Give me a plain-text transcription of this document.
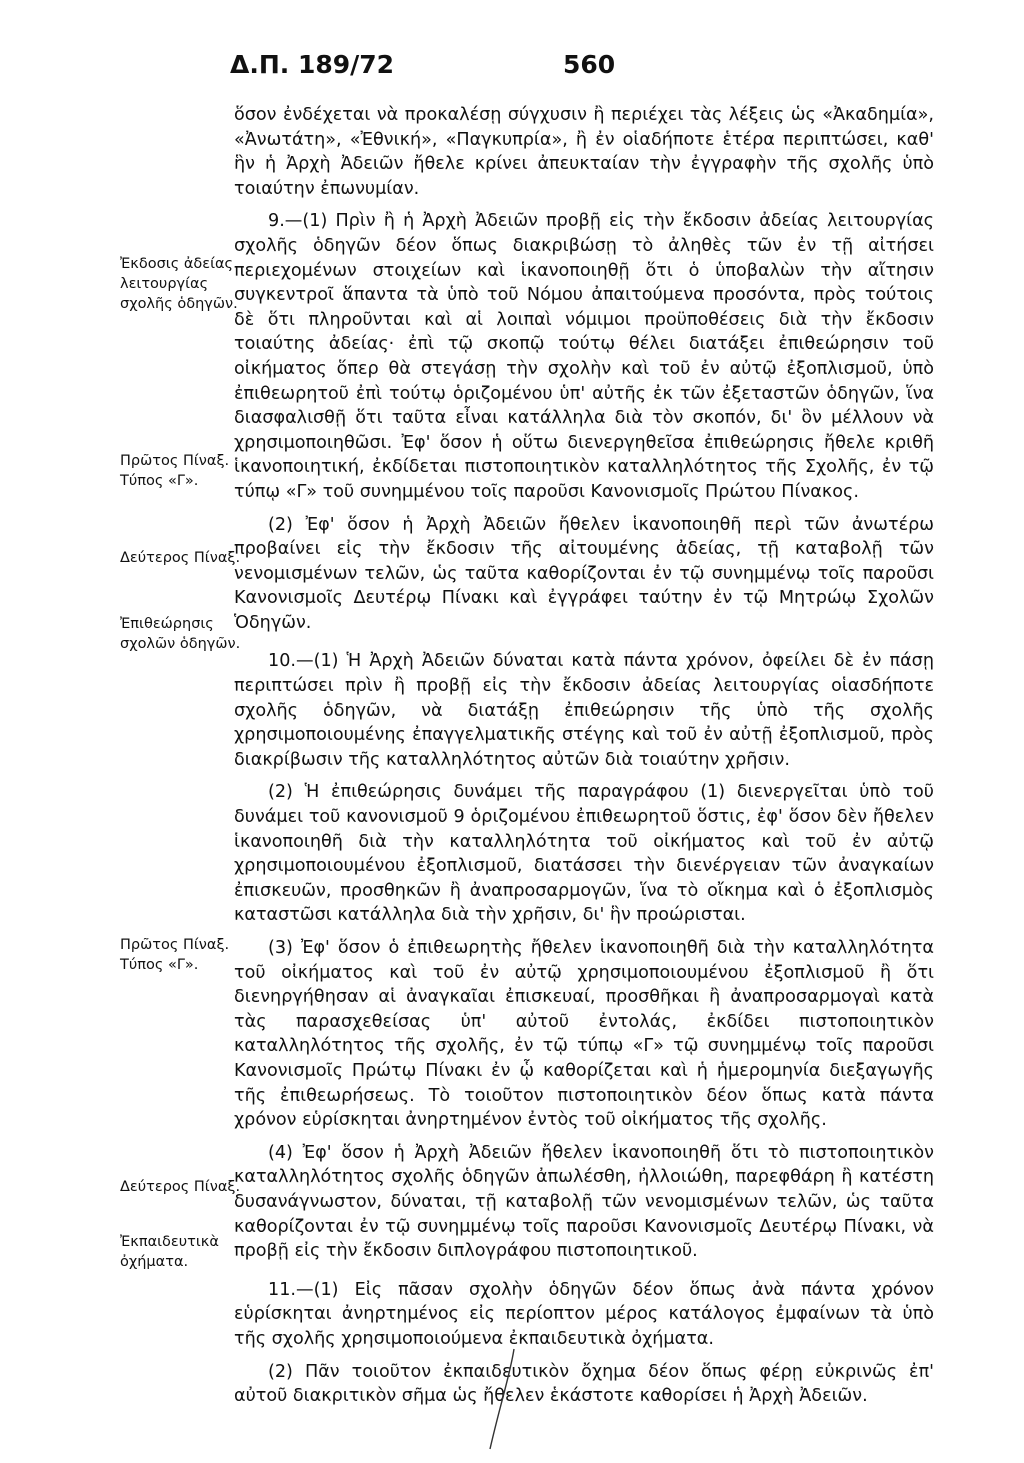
Δ.Π. 189/72	560
Ἐκδοσις ἀδείας λειτουργίας σχολῆς ὁδηγῶν.
Πρῶτος Πίναξ. Τύπος «Γ».
Δεύτερος Πίναξ.
Ἐπιθεώρησις σχολῶν ὁδηγῶν.
Πρῶτος Πίναξ. Τύπος «Γ».
Δεύτερος Πίναξ.
Ἐκπαιδευτικὰ ὀχήματα.

ὅσον ἐνδέχεται νὰ προκαλέσῃ σύγχυσιν ἢ περιέχει τὰς λέξεις ὡς «Ἀκαδημία», «Ἀνωτάτη», «Ἐθνική», «Παγκυπρία», ἢ ἐν οἱαδήποτε ἑτέρα περιπτώσει, καθ' ἣν ἡ Ἀρχὴ Ἀδειῶν ἤθελε κρίνει ἀπευκταίαν τὴν ἐγγραφὴν τῆς σχολῆς ὑπὸ τοιαύτην ἐπωνυμίαν.

9.—(1) Πρὶν ἢ ἡ Ἀρχὴ Ἀδειῶν προβῇ εἰς τὴν ἔκδοσιν ἀδείας λειτουργίας σχολῆς ὁδηγῶν δέον ὅπως διακριβώσῃ τὸ ἀληθὲς τῶν ἐν τῇ αἰτήσει περιεχομένων στοιχείων καὶ ἱκανοποιηθῇ ὅτι ὁ ὑποβαλὼν τὴν αἴτησιν συγκεντροῖ ἅπαντα τὰ ὑπὸ τοῦ Νόμου ἀπαιτούμενα προσόντα, πρὸς τούτοις δὲ ὅτι πληροῦνται καὶ αἱ λοιπαὶ νόμιμοι προϋποθέσεις διὰ τὴν ἔκδοσιν τοιαύτης ἀδείας· ἐπὶ τῷ σκοπῷ τούτῳ θέλει διατάξει ἐπιθεώρησιν τοῦ οἰκήματος ὅπερ θὰ στεγάσῃ τὴν σχολὴν καὶ τοῦ ἐν αὐτῷ ἐξοπλισμοῦ, ὑπὸ ἐπιθεωρητοῦ ἐπὶ τούτῳ ὁριζομένου ὑπ' αὐτῆς ἐκ τῶν ἐξεταστῶν ὁδηγῶν, ἵνα διασφαλισθῇ ὅτι ταῦτα εἶναι κατάλληλα διὰ τὸν σκοπόν, δι' ὃν μέλλουν νὰ χρησιμοποιηθῶσι. Ἐφ' ὅσον ἡ οὕτω διενεργηθεῖσα ἐπιθεώρησις ἤθελε κριθῆ ἱκανοποιητική, ἐκδίδεται πιστοποιητικὸν καταλληλότητος τῆς Σχολῆς, ἐν τῷ τύπῳ «Γ» τοῦ συνημμένου τοῖς παροῦσι Κανονισμοῖς Πρώτου Πίνακος.

(2) Ἐφ' ὅσον ἡ Ἀρχὴ Ἀδειῶν ἤθελεν ἱκανοποιηθῆ περὶ τῶν ἀνωτέρω προβαίνει εἰς τὴν ἔκδοσιν τῆς αἰτουμένης ἀδείας, τῇ καταβολῇ τῶν νενομισμένων τελῶν, ὡς ταῦτα καθορίζονται ἐν τῷ συνημμένῳ τοῖς παροῦσι Κανονισμοῖς Δευτέρῳ Πίνακι καὶ ἐγγράφει ταύτην ἐν τῷ Μητρώῳ Σχολῶν Ὁδηγῶν.

10.—(1) Ἡ Ἀρχὴ Ἀδειῶν δύναται κατὰ πάντα χρόνον, ὀφείλει δὲ ἐν πάσῃ περιπτώσει πρὶν ἢ προβῇ εἰς τὴν ἔκδοσιν ἀδείας λειτουργίας οἱασδήποτε σχολῆς ὁδηγῶν, νὰ διατάξῃ ἐπιθεώρησιν τῆς ὑπὸ τῆς σχολῆς χρησιμοποιουμένης ἐπαγγελματικῆς στέγης καὶ τοῦ ἐν αὐτῇ ἐξοπλισμοῦ, πρὸς διακρίβωσιν τῆς καταλληλότητος αὐτῶν διὰ τοιαύτην χρῆσιν.

(2) Ἡ ἐπιθεώρησις δυνάμει τῆς παραγράφου (1) διενεργεῖται ὑπὸ τοῦ δυνάμει τοῦ κανονισμοῦ 9 ὁριζομένου ἐπιθεωρητοῦ ὅστις, ἐφ' ὅσον δὲν ἤθελεν ἱκανοποιηθῆ διὰ τὴν καταλληλότητα τοῦ οἰκήματος καὶ τοῦ ἐν αὐτῷ χρησιμοποιουμένου ἐξοπλισμοῦ, διατάσσει τὴν διενέργειαν τῶν ἀναγκαίων ἐπισκευῶν, προσθηκῶν ἢ ἀναπροσαρμογῶν, ἵνα τὸ οἴκημα καὶ ὁ ἐξοπλισμὸς καταστῶσι κατάλληλα διὰ τὴν χρῆσιν, δι' ἣν προώρισται.

(3) Ἐφ' ὅσον ὁ ἐπιθεωρητὴς ἤθελεν ἱκανοποιηθῆ διὰ τὴν καταλληλότητα τοῦ οἰκήματος καὶ τοῦ ἐν αὐτῷ χρησιμοποιουμένου ἐξοπλισμοῦ ἢ ὅτι διενηργήθησαν αἱ ἀναγκαῖαι ἐπισκευαί, προσθῆκαι ἢ ἀναπροσαρμογαὶ κατὰ τὰς παρασχεθείσας ὑπ' αὐτοῦ ἐντολάς, ἐκδίδει πιστοποιητικὸν καταλληλότητος τῆς σχολῆς, ἐν τῷ τύπῳ «Γ» τῷ συνημμένῳ τοῖς παροῦσι Κανονισμοῖς Πρώτῳ Πίνακι ἐν ᾧ καθορίζεται καὶ ἡ ἡμερομηνία διεξαγωγῆς τῆς ἐπιθεωρήσεως. Τὸ τοιοῦτον πιστοποιητικὸν δέον ὅπως κατὰ πάντα χρόνον εὑρίσκηται ἀνηρτημένον ἐντὸς τοῦ οἰκήματος τῆς σχολῆς.

(4) Ἐφ' ὅσον ἡ Ἀρχὴ Ἀδειῶν ἤθελεν ἱκανοποιηθῆ ὅτι τὸ πιστοποιητικὸν καταλληλότητος σχολῆς ὁδηγῶν ἀπωλέσθη, ἠλλοιώθη, παρεφθάρη ἢ κατέστη δυσανάγνωστον, δύναται, τῇ καταβολῇ τῶν νενομισμένων τελῶν, ὡς ταῦτα καθορίζονται ἐν τῷ συνημμένῳ τοῖς παροῦσι Κανονισμοῖς Δευτέρῳ Πίνακι, νὰ προβῇ εἰς τὴν ἔκδοσιν διπλογράφου πιστοποιητικοῦ.

11.—(1) Εἰς πᾶσαν σχολὴν ὁδηγῶν δέον ὅπως ἀνὰ πάντα χρόνον εὑρίσκηται ἀνηρτημένος εἰς περίοπτον μέρος κατάλογος ἐμφαίνων τὰ ὑπὸ τῆς σχολῆς χρησιμοποιούμενα ἐκπαιδευτικὰ ὀχήματα.

(2) Πᾶν τοιοῦτον ἐκπαιδευτικὸν ὄχημα δέον ὅπως φέρῃ εὐκρινῶς ἐπ' αὐτοῦ διακριτικὸν σῆμα ὡς ἤθελεν ἑκάστοτε καθορίσει ἡ Ἀρχὴ Ἀδειῶν.
